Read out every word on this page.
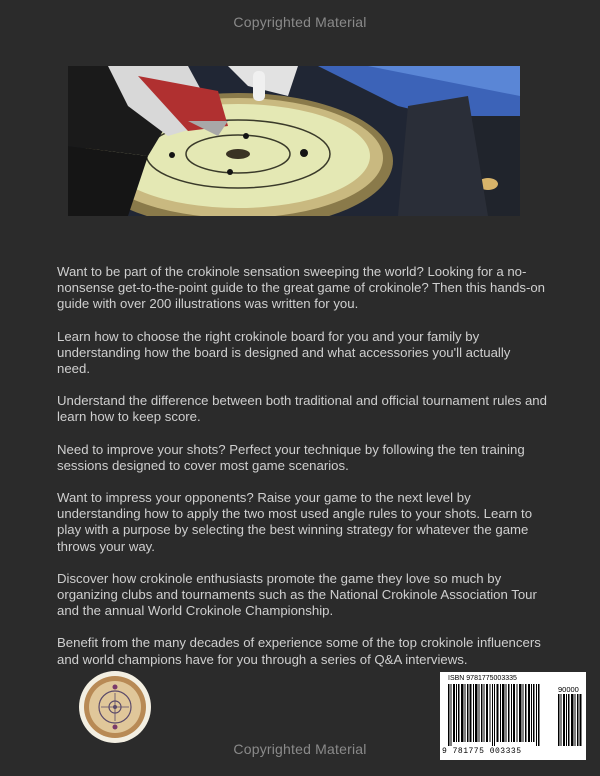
Copyrighted Material

Want to be part of the crokinole sensation sweeping the world? Looking for a no-nonsense get-to-the-point guide to the great game of crokinole? Then this hands-on guide with over 200 illustrations was written for you.

Learn how to choose the right crokinole board for you and your family by understanding how the board is designed and what accessories you'll actually need.

Understand the difference between both traditional and official tournament rules and learn how to keep score.

Need to improve your shots? Perfect your technique by following the ten training sessions designed to cover most game scenarios.

Want to impress your opponents? Raise your game to the next level by understanding how to apply the two most used angle rules to your shots. Learn to play with a purpose by selecting the best winning strategy for whatever the game throws your way.

Discover how crokinole enthusiasts promote the game they love so much by organizing clubs and tournaments such as the National Crokinole Association Tour and the annual World Crokinole Championship.

Benefit from the many decades of experience some of the top crokinole influencers and world champions have for you through a series of Q&A interviews.

ISBN 9781775003335
90000
9 781775 003335
Copyrighted Material
